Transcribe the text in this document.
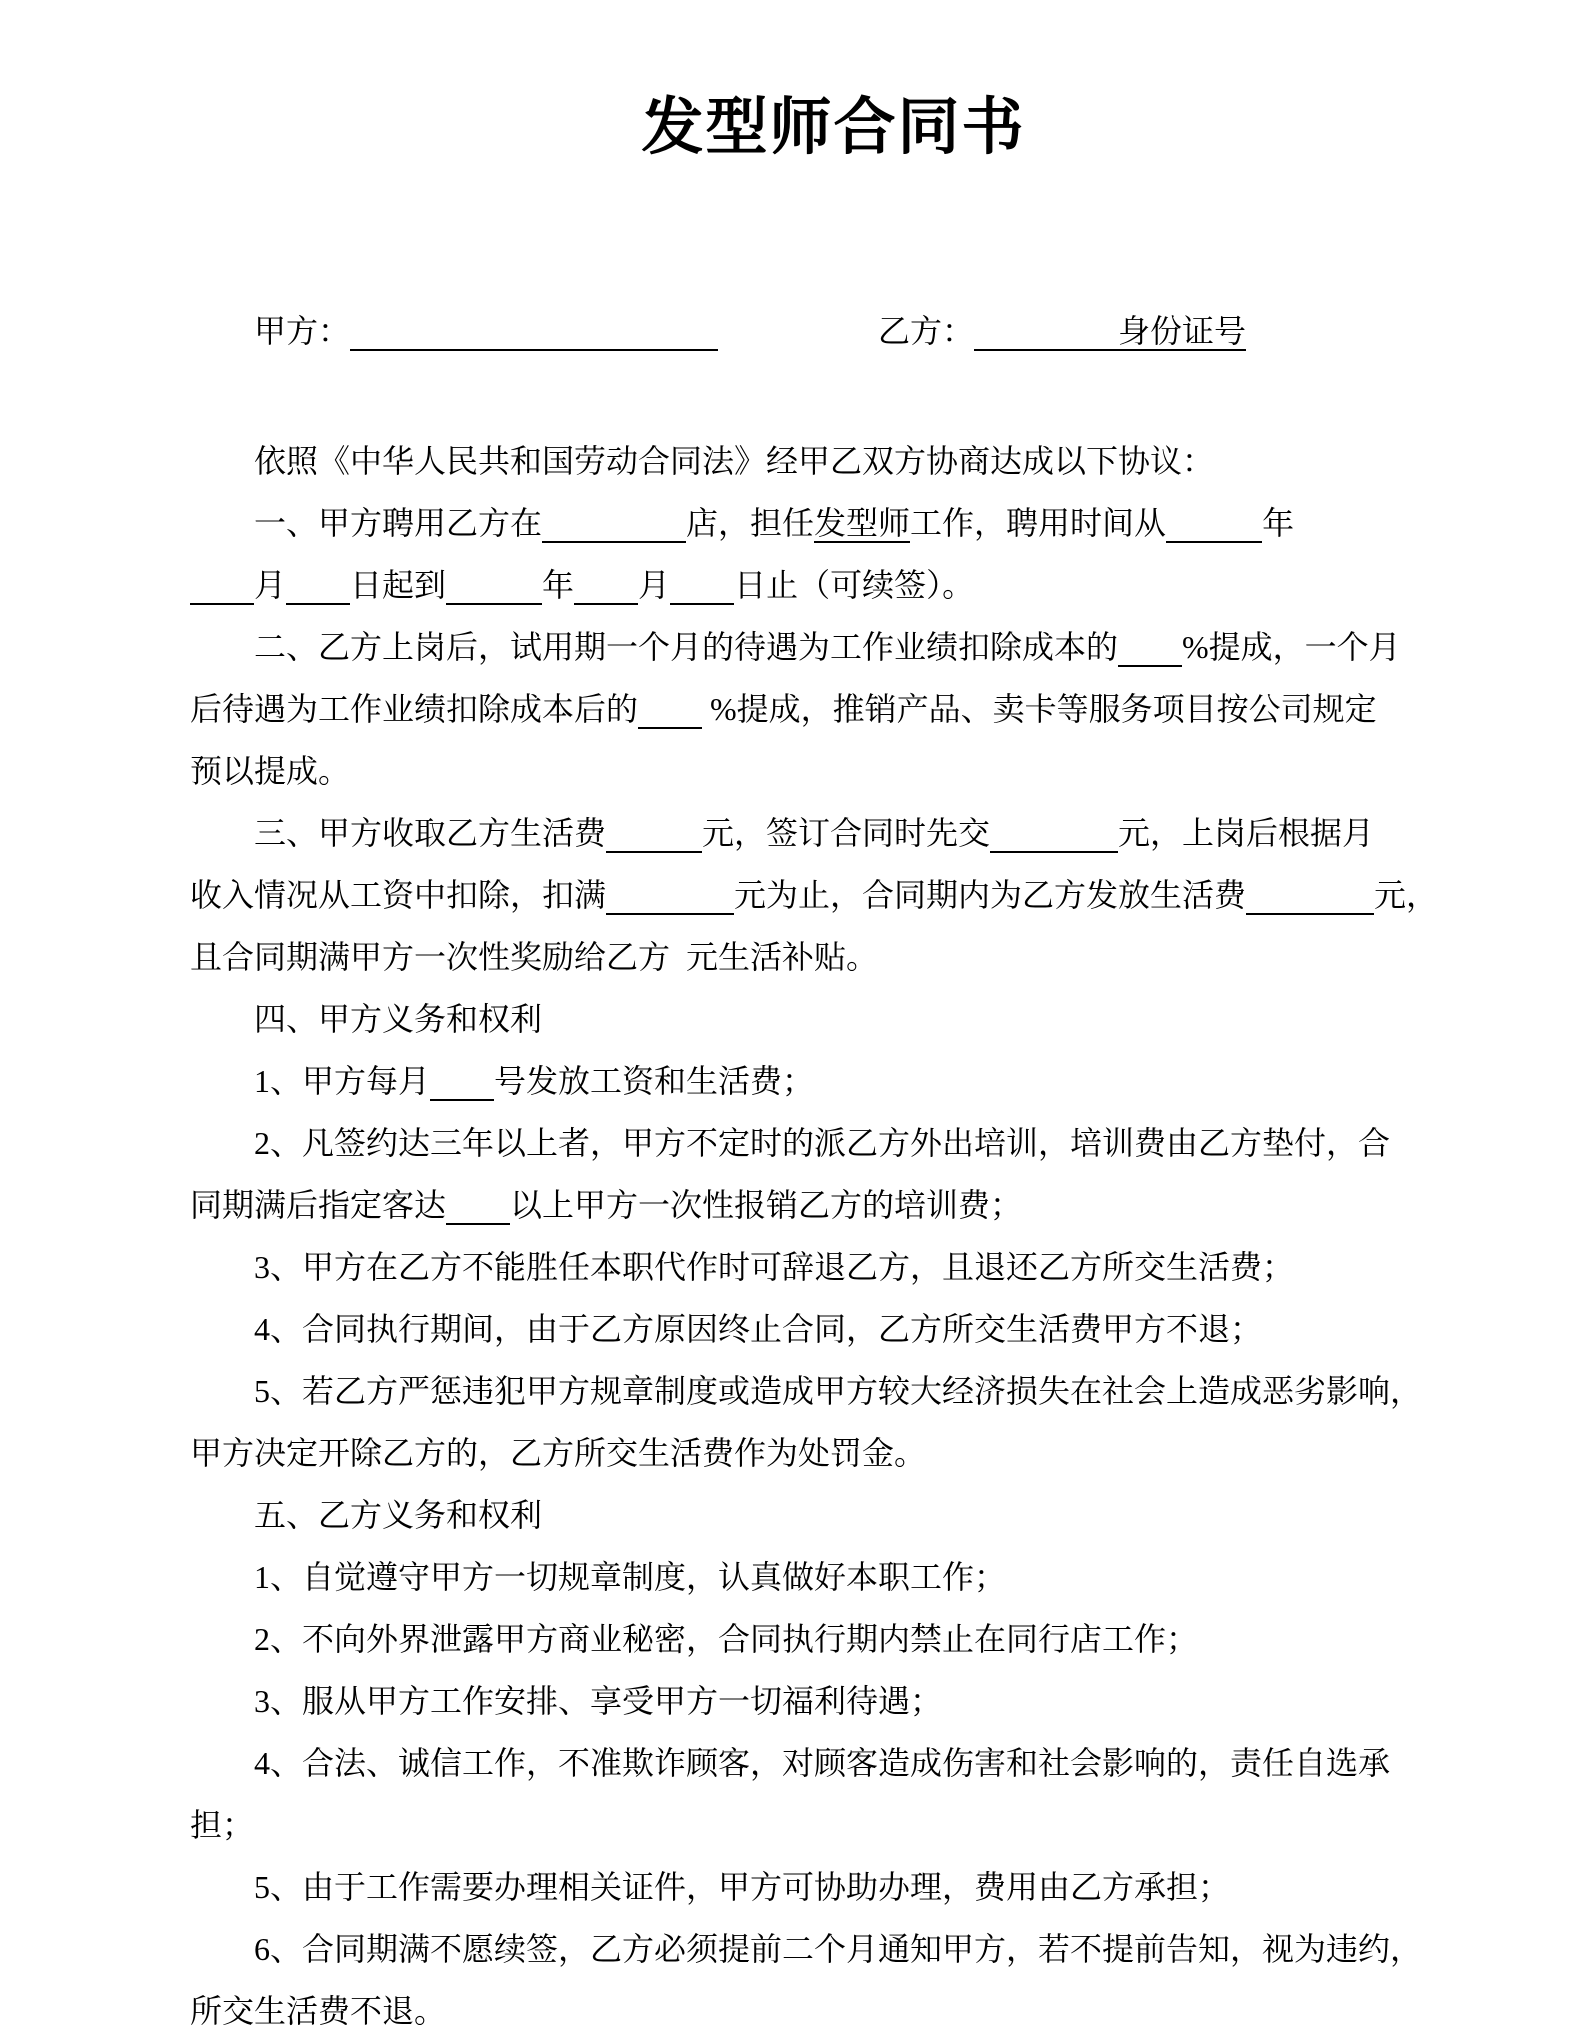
发型师合同书
甲方：　　　　　	乙方：	身份证号
依照《中华人民共和国劳动合同法》经甲乙双方协商达成以下协议：
一、甲方聘用乙方在	店，担任发型师工作，聘用时间从	年
月 日起到	年 月 日止（可续签）。
二、乙方上岗后，试用期一个月的待遇为工作业绩扣除成本的 %提成，一个月
后待遇为工作业绩扣除成本后的 %提成，推销产品、卖卡等服务项目按公司规定
预以提成。
三、甲方收取乙方生活费	元，签订合同时先交	元，上岗后根据月
收入情况从工资中扣除，扣满	元为止，合同期内为乙方发放生活费	元，
且合同期满甲方一次性奖励给乙方  元生活补贴。
四、甲方义务和权利
1、甲方每月 号发放工资和生活费；
2、凡签约达三年以上者，甲方不定时的派乙方外出培训，培训费由乙方垫付，合
同期满后指定客达 以上甲方一次性报销乙方的培训费；
3、甲方在乙方不能胜任本职代作时可辞退乙方，且退还乙方所交生活费；
4、合同执行期间，由于乙方原因终止合同，乙方所交生活费甲方不退；
5、若乙方严惩违犯甲方规章制度或造成甲方较大经济损失在社会上造成恶劣影响，
甲方决定开除乙方的，乙方所交生活费作为处罚金。
五、乙方义务和权利
1、自觉遵守甲方一切规章制度，认真做好本职工作；
2、不向外界泄露甲方商业秘密，合同执行期内禁止在同行店工作；
3、服从甲方工作安排、享受甲方一切福利待遇；
4、合法、诚信工作，不准欺诈顾客，对顾客造成伤害和社会影响的，责任自选承
担；
5、由于工作需要办理相关证件，甲方可协助办理，费用由乙方承担；
6、合同期满不愿续签，乙方必须提前二个月通知甲方，若不提前告知，视为违约，
所交生活费不退。
